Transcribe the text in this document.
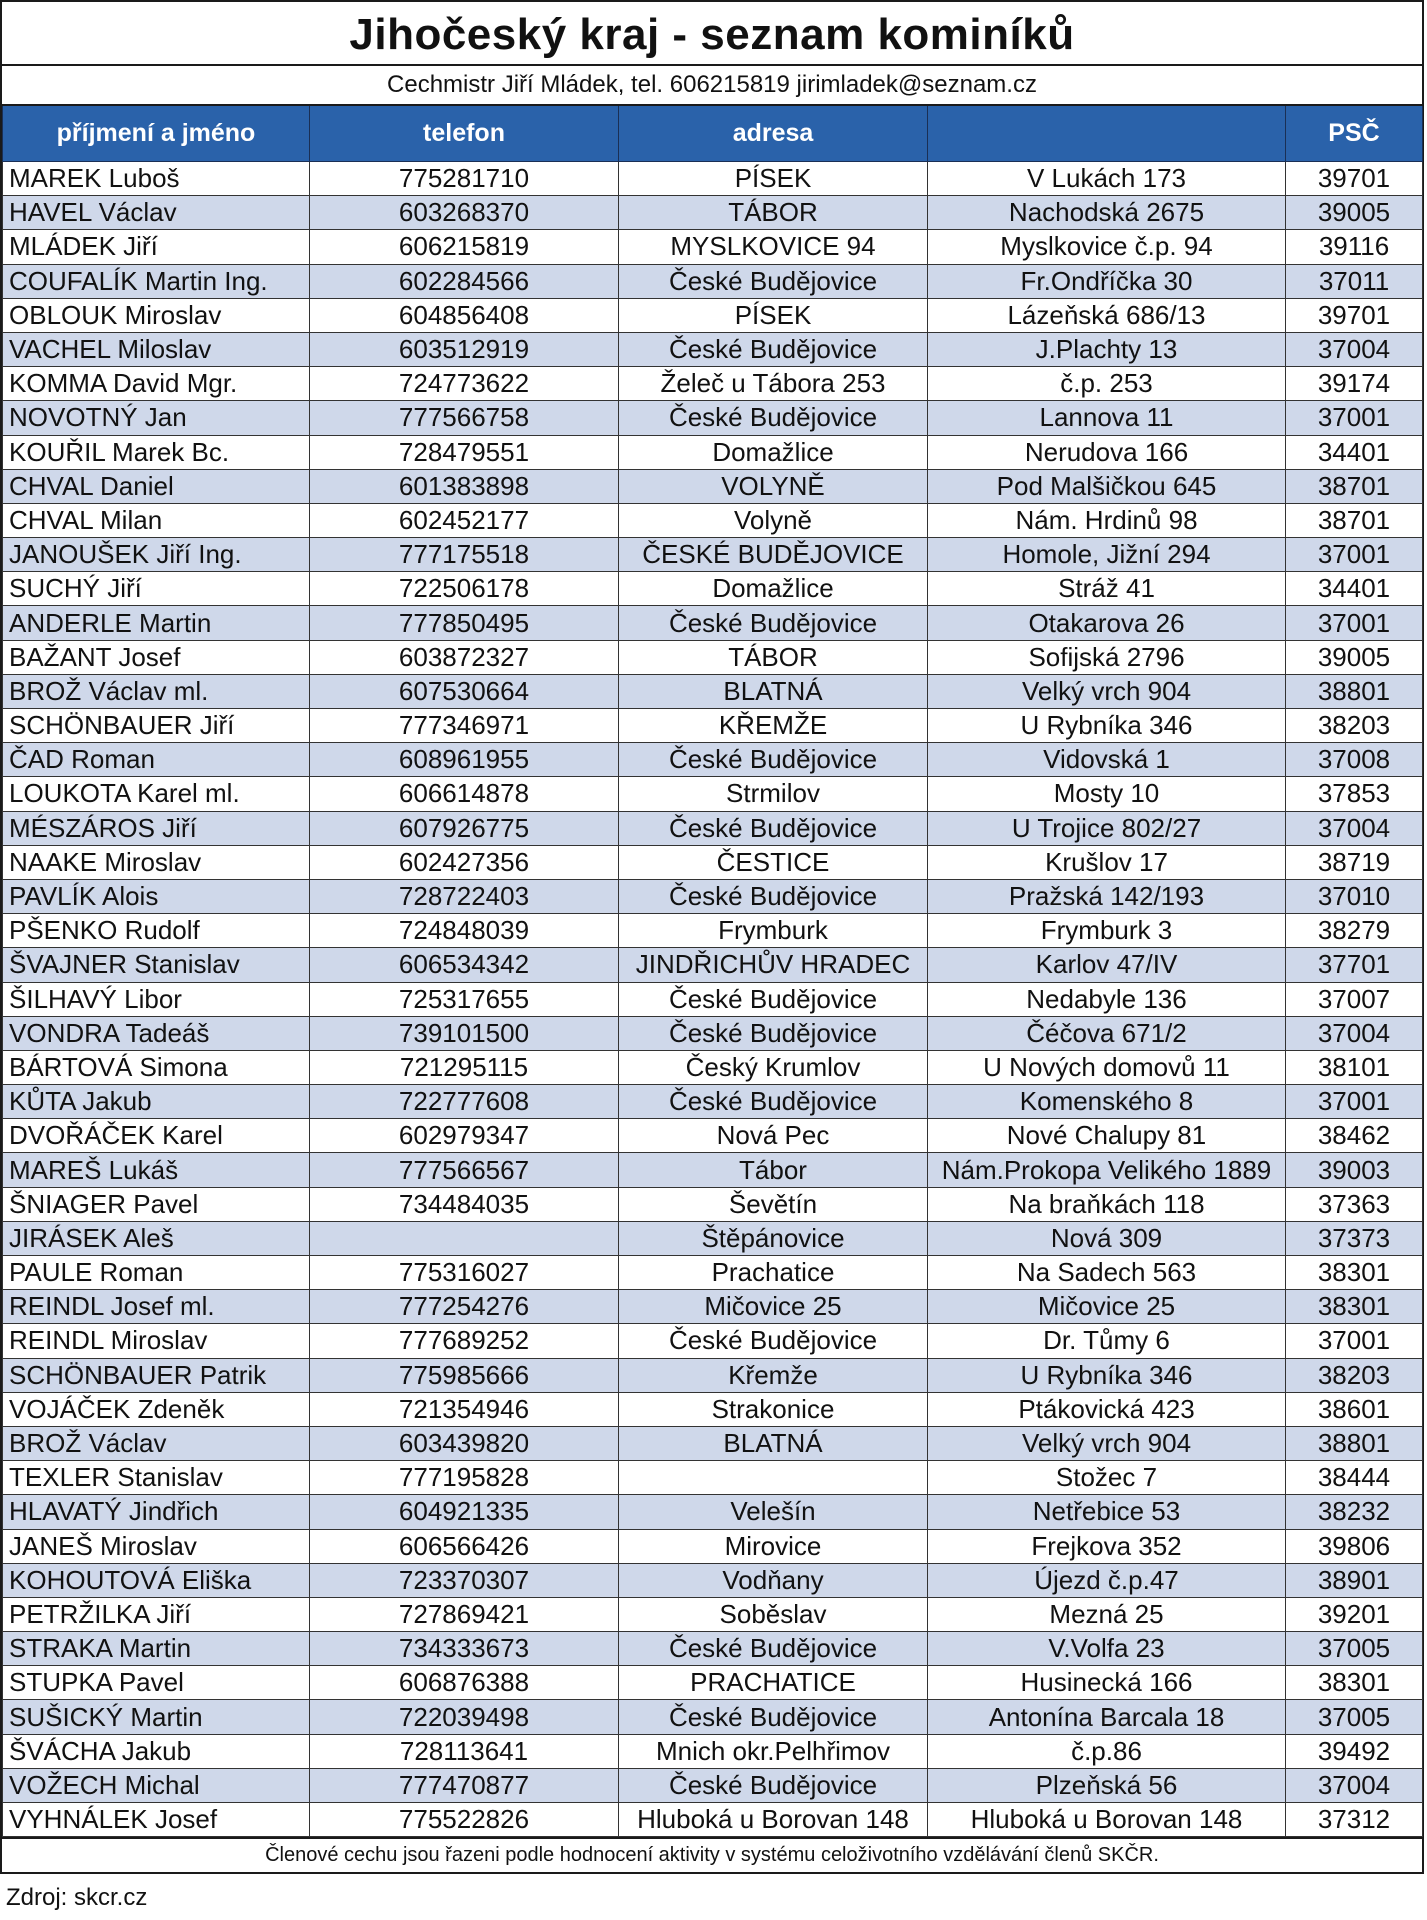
Jihočeský kraj - seznam kominíků
Cechmistr Jiří Mládek, tel. 606215819 jirimladek@seznam.cz
příjmení a jméno	telefon	adresa		PSČ
MAREK Luboš	775281710	PÍSEK	V Lukách 173	39701
HAVEL Václav	603268370	TÁBOR	Nachodská 2675	39005
MLÁDEK Jiří	606215819	MYSLKOVICE 94	Myslkovice č.p. 94	39116
COUFALÍK Martin Ing.	602284566	České Budějovice	Fr.Ondříčka 30	37011
OBLOUK Miroslav	604856408	PÍSEK	Lázeňská 686/13	39701
VACHEL Miloslav	603512919	České Budějovice	J.Plachty 13	37004
KOMMA David Mgr.	724773622	Želeč u Tábora 253	č.p. 253	39174
NOVOTNÝ Jan	777566758	České Budějovice	Lannova 11	37001
KOUŘIL Marek Bc.	728479551	Domažlice	Nerudova 166	34401
CHVAL Daniel	601383898	VOLYNĚ	Pod Malšičkou 645	38701
CHVAL Milan	602452177	Volyně	Nám. Hrdinů 98	38701
JANOUŠEK Jiří Ing.	777175518	ČESKÉ BUDĚJOVICE	Homole, Jižní 294	37001
SUCHÝ Jiří	722506178	Domažlice	Stráž 41	34401
ANDERLE Martin	777850495	České Budějovice	Otakarova 26	37001
BAŽANT Josef	603872327	TÁBOR	Sofijská 2796	39005
BROŽ Václav ml.	607530664	BLATNÁ	Velký vrch 904	38801
SCHÖNBAUER Jiří	777346971	KŘEMŽE	U Rybníka 346	38203
ČAD Roman	608961955	České Budějovice	Vidovská 1	37008
LOUKOTA Karel ml.	606614878	Strmilov	Mosty 10	37853
MÉSZÁROS Jiří	607926775	České Budějovice	U Trojice 802/27	37004
NAAKE Miroslav	602427356	ČESTICE	Krušlov 17	38719
PAVLÍK Alois	728722403	České Budějovice	Pražská 142/193	37010
PŠENKO Rudolf	724848039	Frymburk	Frymburk 3	38279
ŠVAJNER Stanislav	606534342	JINDŘICHŮV HRADEC	Karlov 47/IV	37701
ŠILHAVÝ Libor	725317655	České Budějovice	Nedabyle 136	37007
VONDRA Tadeáš	739101500	České Budějovice	Čéčova 671/2	37004
BÁRTOVÁ Simona	721295115	Český Krumlov	U Nových domovů 11	38101
KŮTA Jakub	722777608	České Budějovice	Komenského 8	37001
DVOŘÁČEK Karel	602979347	Nová Pec	Nové Chalupy 81	38462
MAREŠ Lukáš	777566567	Tábor	Nám.Prokopa Velikého 1889	39003
ŠNIAGER Pavel	734484035	Ševětín	Na braňkách 118	37363
JIRÁSEK Aleš		Štěpánovice	Nová 309	37373
PAULE Roman	775316027	Prachatice	Na Sadech 563	38301
REINDL Josef ml.	777254276	Mičovice 25	Mičovice 25	38301
REINDL Miroslav	777689252	České Budějovice	Dr. Tůmy 6	37001
SCHÖNBAUER Patrik	775985666	Křemže	U Rybníka 346	38203
VOJÁČEK Zdeněk	721354946	Strakonice	Ptákovická 423	38601
BROŽ Václav	603439820	BLATNÁ	Velký vrch 904	38801
TEXLER Stanislav	777195828		Stožec 7	38444
HLAVATÝ Jindřich	604921335	Velešín	Netřebice 53	38232
JANEŠ Miroslav	606566426	Mirovice	Frejkova 352	39806
KOHOUTOVÁ Eliška	723370307	Vodňany	Újezd č.p.47	38901
PETRŽILKA Jiří	727869421	Soběslav	Mezná 25	39201
STRAKA Martin	734333673	České Budějovice	V.Volfa 23	37005
STUPKA Pavel	606876388	PRACHATICE	Husinecká 166	38301
SUŠICKÝ Martin	722039498	České Budějovice	Antonína Barcala 18	37005
ŠVÁCHA Jakub	728113641	Mnich okr.Pelhřimov	č.p.86	39492
VOŽECH Michal	777470877	České Budějovice	Plzeňská 56	37004
VYHNÁLEK Josef	775522826	Hluboká u Borovan 148	Hluboká u Borovan 148	37312
Členové cechu jsou řazeni podle hodnocení aktivity v systému celoživotního vzdělávání členů SKČR.
Zdroj: skcr.cz
